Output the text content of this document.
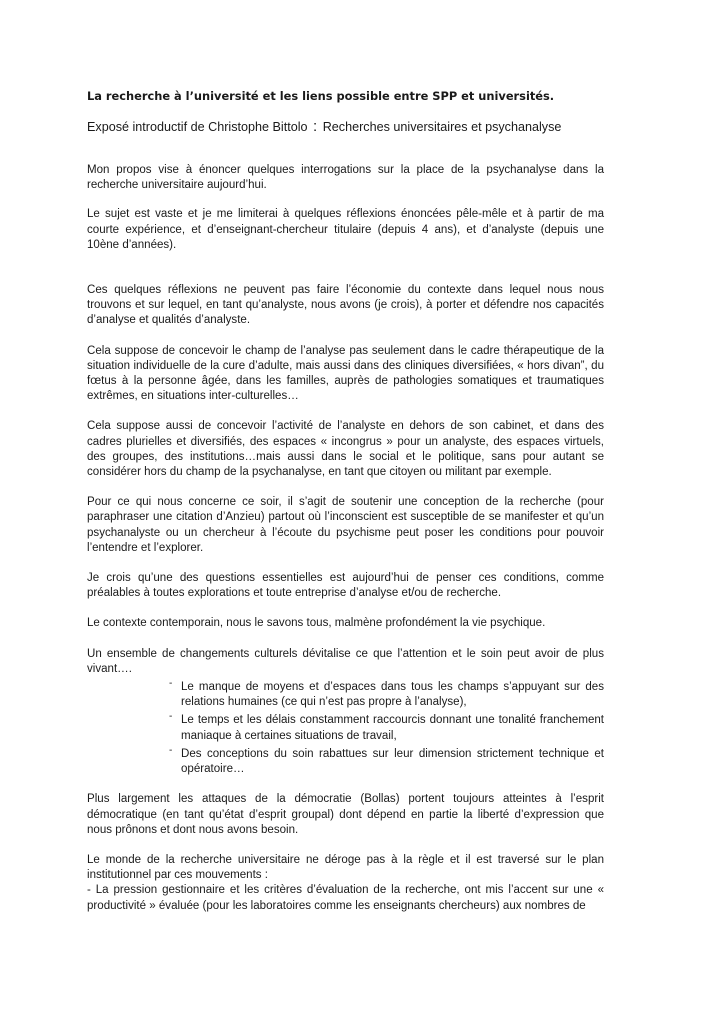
La recherche à l’université et les liens possible entre SPP et universités.

Exposé introductif de Christophe Bittolo : Recherches universitaires et psychanalyse

Mon propos vise à énoncer quelques interrogations sur la place de la psychanalyse dans la recherche universitaire aujourd’hui.

Le sujet est vaste et je me limiterai à quelques réflexions énoncées pêle-mêle et à partir de ma courte expérience, et d’enseignant-chercheur titulaire (depuis 4 ans), et d’analyste (depuis une 10ène d’années).

Ces quelques réflexions ne peuvent pas faire l’économie du contexte dans lequel nous nous trouvons et sur lequel, en tant qu’analyste, nous avons (je crois), à porter et défendre nos capacités d’analyse et qualités d’analyste.

Cela suppose de concevoir le champ de l’analyse pas seulement dans le cadre thérapeutique de la situation individuelle de la cure d’adulte, mais aussi dans des cliniques diversifiées, « hors divan”, du fœtus à la personne âgée, dans les familles, auprès de pathologies somatiques et traumatiques extrêmes, en situations inter-culturelles…

Cela suppose aussi de concevoir l’activité de l’analyste en dehors de son cabinet, et dans des cadres plurielles et diversifiés, des espaces « incongrus » pour un analyste, des espaces virtuels, des groupes, des institutions…mais aussi dans le social et le politique, sans pour autant se considérer hors du champ de la psychanalyse, en tant que citoyen ou militant par exemple.

Pour ce qui nous concerne ce soir, il s’agit de soutenir une conception de la recherche (pour paraphraser une citation d’Anzieu) partout où l’inconscient est susceptible de se manifester et qu’un psychanalyste ou un chercheur à l’écoute du psychisme peut poser les conditions pour pouvoir l’entendre et l’explorer.

Je crois qu’une des questions essentielles est aujourd’hui de penser ces conditions, comme préalables à toutes explorations et toute entreprise d’analyse et/ou de recherche.

Le contexte contemporain, nous le savons tous, malmène profondément la vie psychique.

Un ensemble de changements culturels dévitalise ce que l’attention et le soin peut avoir de plus vivant….

- Le manque de moyens et d’espaces dans tous les champs s’appuyant sur des relations humaines (ce qui n’est pas propre à l’analyse),
- Le temps et les délais constamment raccourcis donnant une tonalité franchement maniaque à certaines situations de travail,
- Des conceptions du soin rabattues sur leur dimension strictement technique et opératoire…

Plus largement les attaques de la démocratie (Bollas) portent toujours atteintes à l’esprit démocratique (en tant qu’état d’esprit groupal) dont dépend en partie la liberté d’expression que nous prônons et dont nous avons besoin.

Le monde de la recherche universitaire ne déroge pas à la règle et il est traversé sur le plan institutionnel par ces mouvements :

- La pression gestionnaire et les critères d’évaluation de la recherche, ont mis l’accent sur une « productivité » évaluée (pour les laboratoires comme les enseignants chercheurs) aux nombres de
